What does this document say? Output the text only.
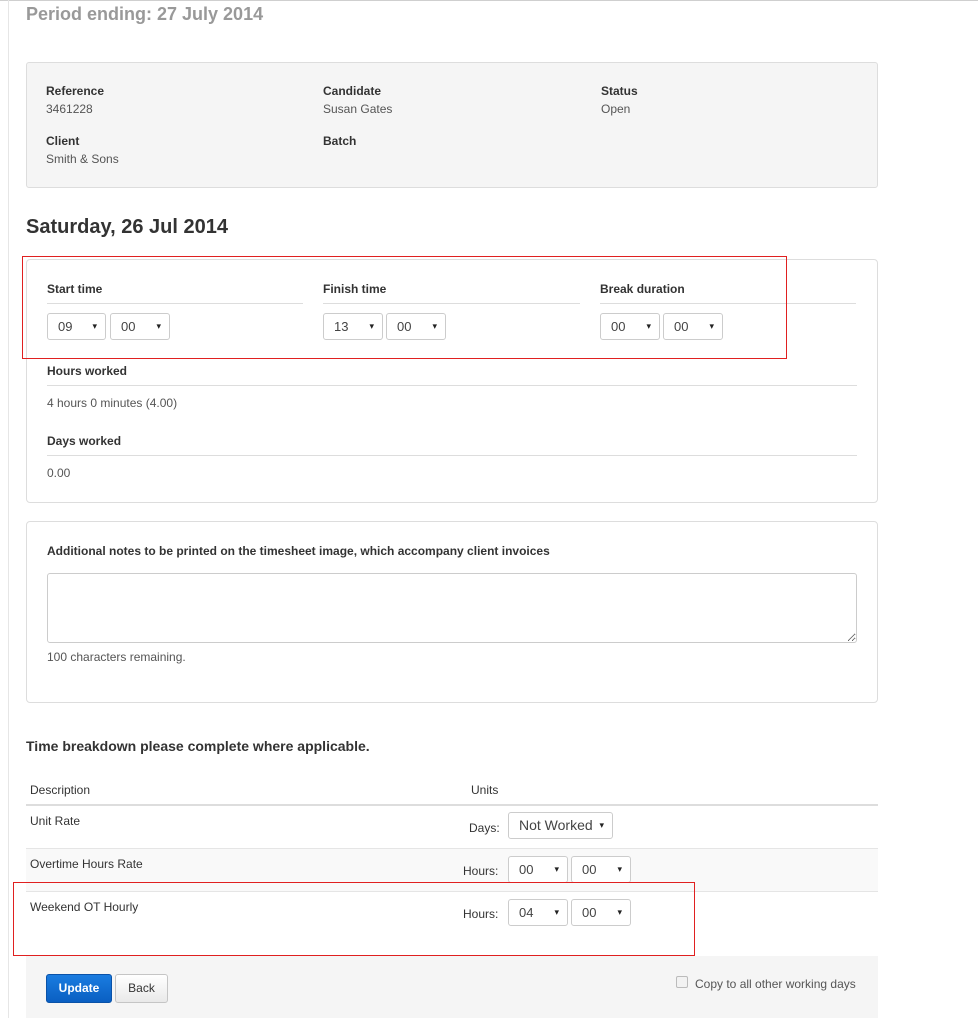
Period ending: 27 July 2014
Reference
3461228
Candidate
Susan Gates
Status
Open
Client
Smith & Sons
Batch
Saturday, 26 Jul 2014
Start time
09 ▾	00 ▾
Finish time
13 ▾	00 ▾
Break duration
00 ▾	00 ▾
Hours worked
4 hours 0 minutes (4.00)
Days worked
0.00
Additional notes to be printed on the timesheet image, which accompany client invoices
100 characters remaining.
Time breakdown please complete where applicable.
Description	Units
Unit Rate	Days:	Not Worked ▾
Overtime Hours Rate	Hours:	00 ▾	00 ▾
Weekend OT Hourly	Hours:	04 ▾	00 ▾
Update	Back	Copy to all other working days
